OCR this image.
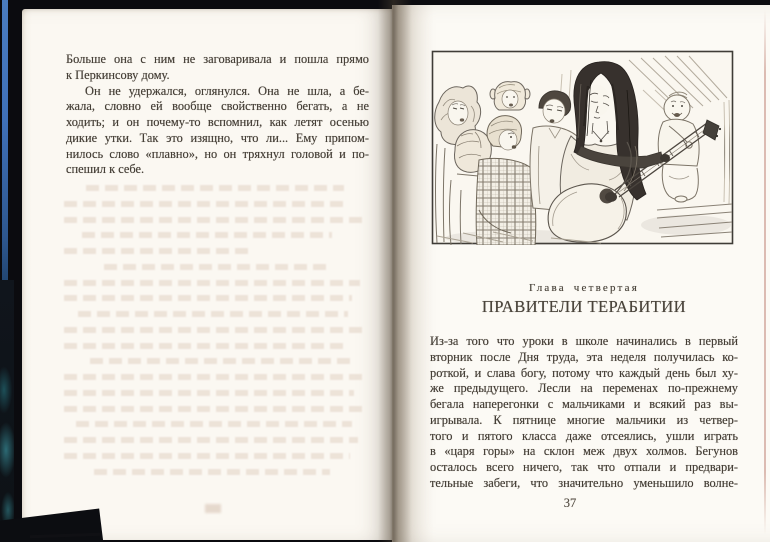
Больше она с ним не заговаривала и пошла прямо
к Перкинсову дому.
Он не удержался, оглянулся. Она не шла, а бе-
жала, словно ей вообще свойственно бегать, а не
ходить; и он почему-то вспомнил, как летят осенью
дикие утки. Так это изящно, что ли... Ему припом-
нилось слово «плавно», но он тряхнул головой и по-
спешил к себе.
Глава четвертая
ПРАВИТЕЛИ ТЕРАБИТИИ
Из-за того что уроки в школе начинались в первый
вторник после Дня труда, эта неделя получилась ко-
роткой, и слава богу, потому что каждый день был ху-
же предыдущего. Лесли на переменах по-прежнему
бегала наперегонки с мальчиками и всякий раз вы-
игрывала. К пятнице многие мальчики из четвер-
того и пятого класса даже отсеялись, ушли играть
в «царя горы» на склон меж двух холмов. Бегунов
осталось всего ничего, так что отпали и предвари-
тельные забеги, что значительно уменьшило волне-
37
